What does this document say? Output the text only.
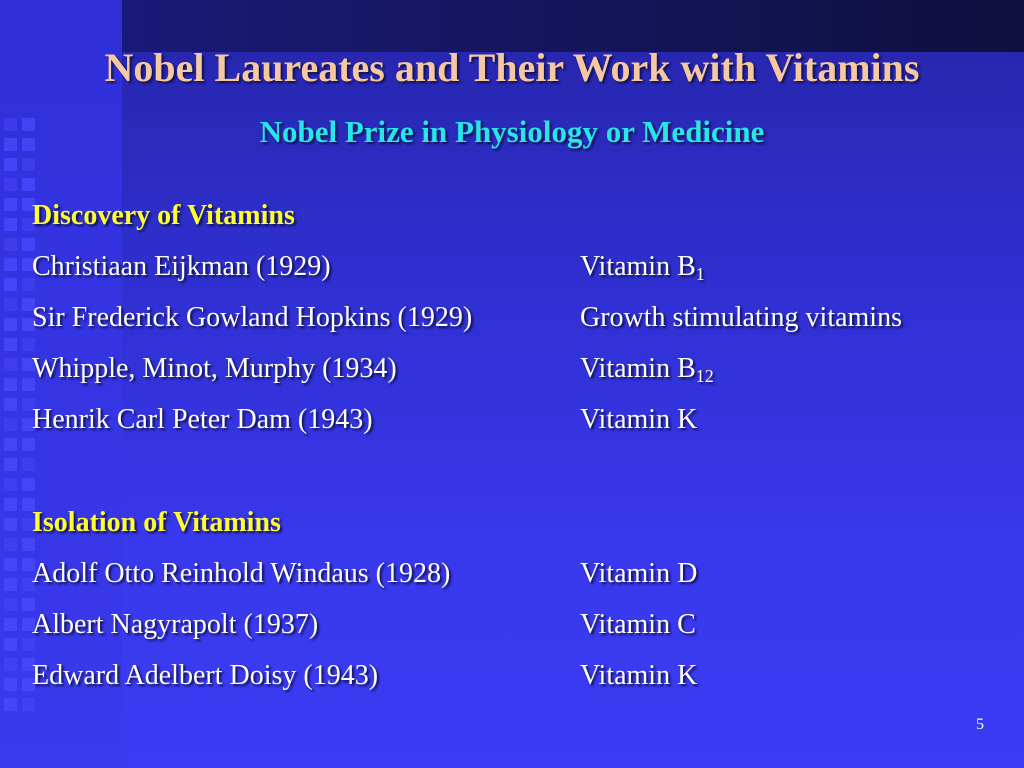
Nobel Laureates and Their Work with Vitamins
Nobel Prize in Physiology or Medicine
Discovery of Vitamins
Christiaan Eijkman (1929)	Vitamin $B_1$
Sir Frederick Gowland Hopkins (1929)	Growth stimulating vitamins
Whipple, Minot, Murphy (1934)	Vitamin $B_{12}$
Henrik Carl Peter Dam (1943)	Vitamin K
Isolation of Vitamins
Adolf Otto Reinhold Windaus (1928)	Vitamin D
Albert Nagyrapolt (1937)	Vitamin C
Edward Adelbert Doisy (1943)	Vitamin K
5
